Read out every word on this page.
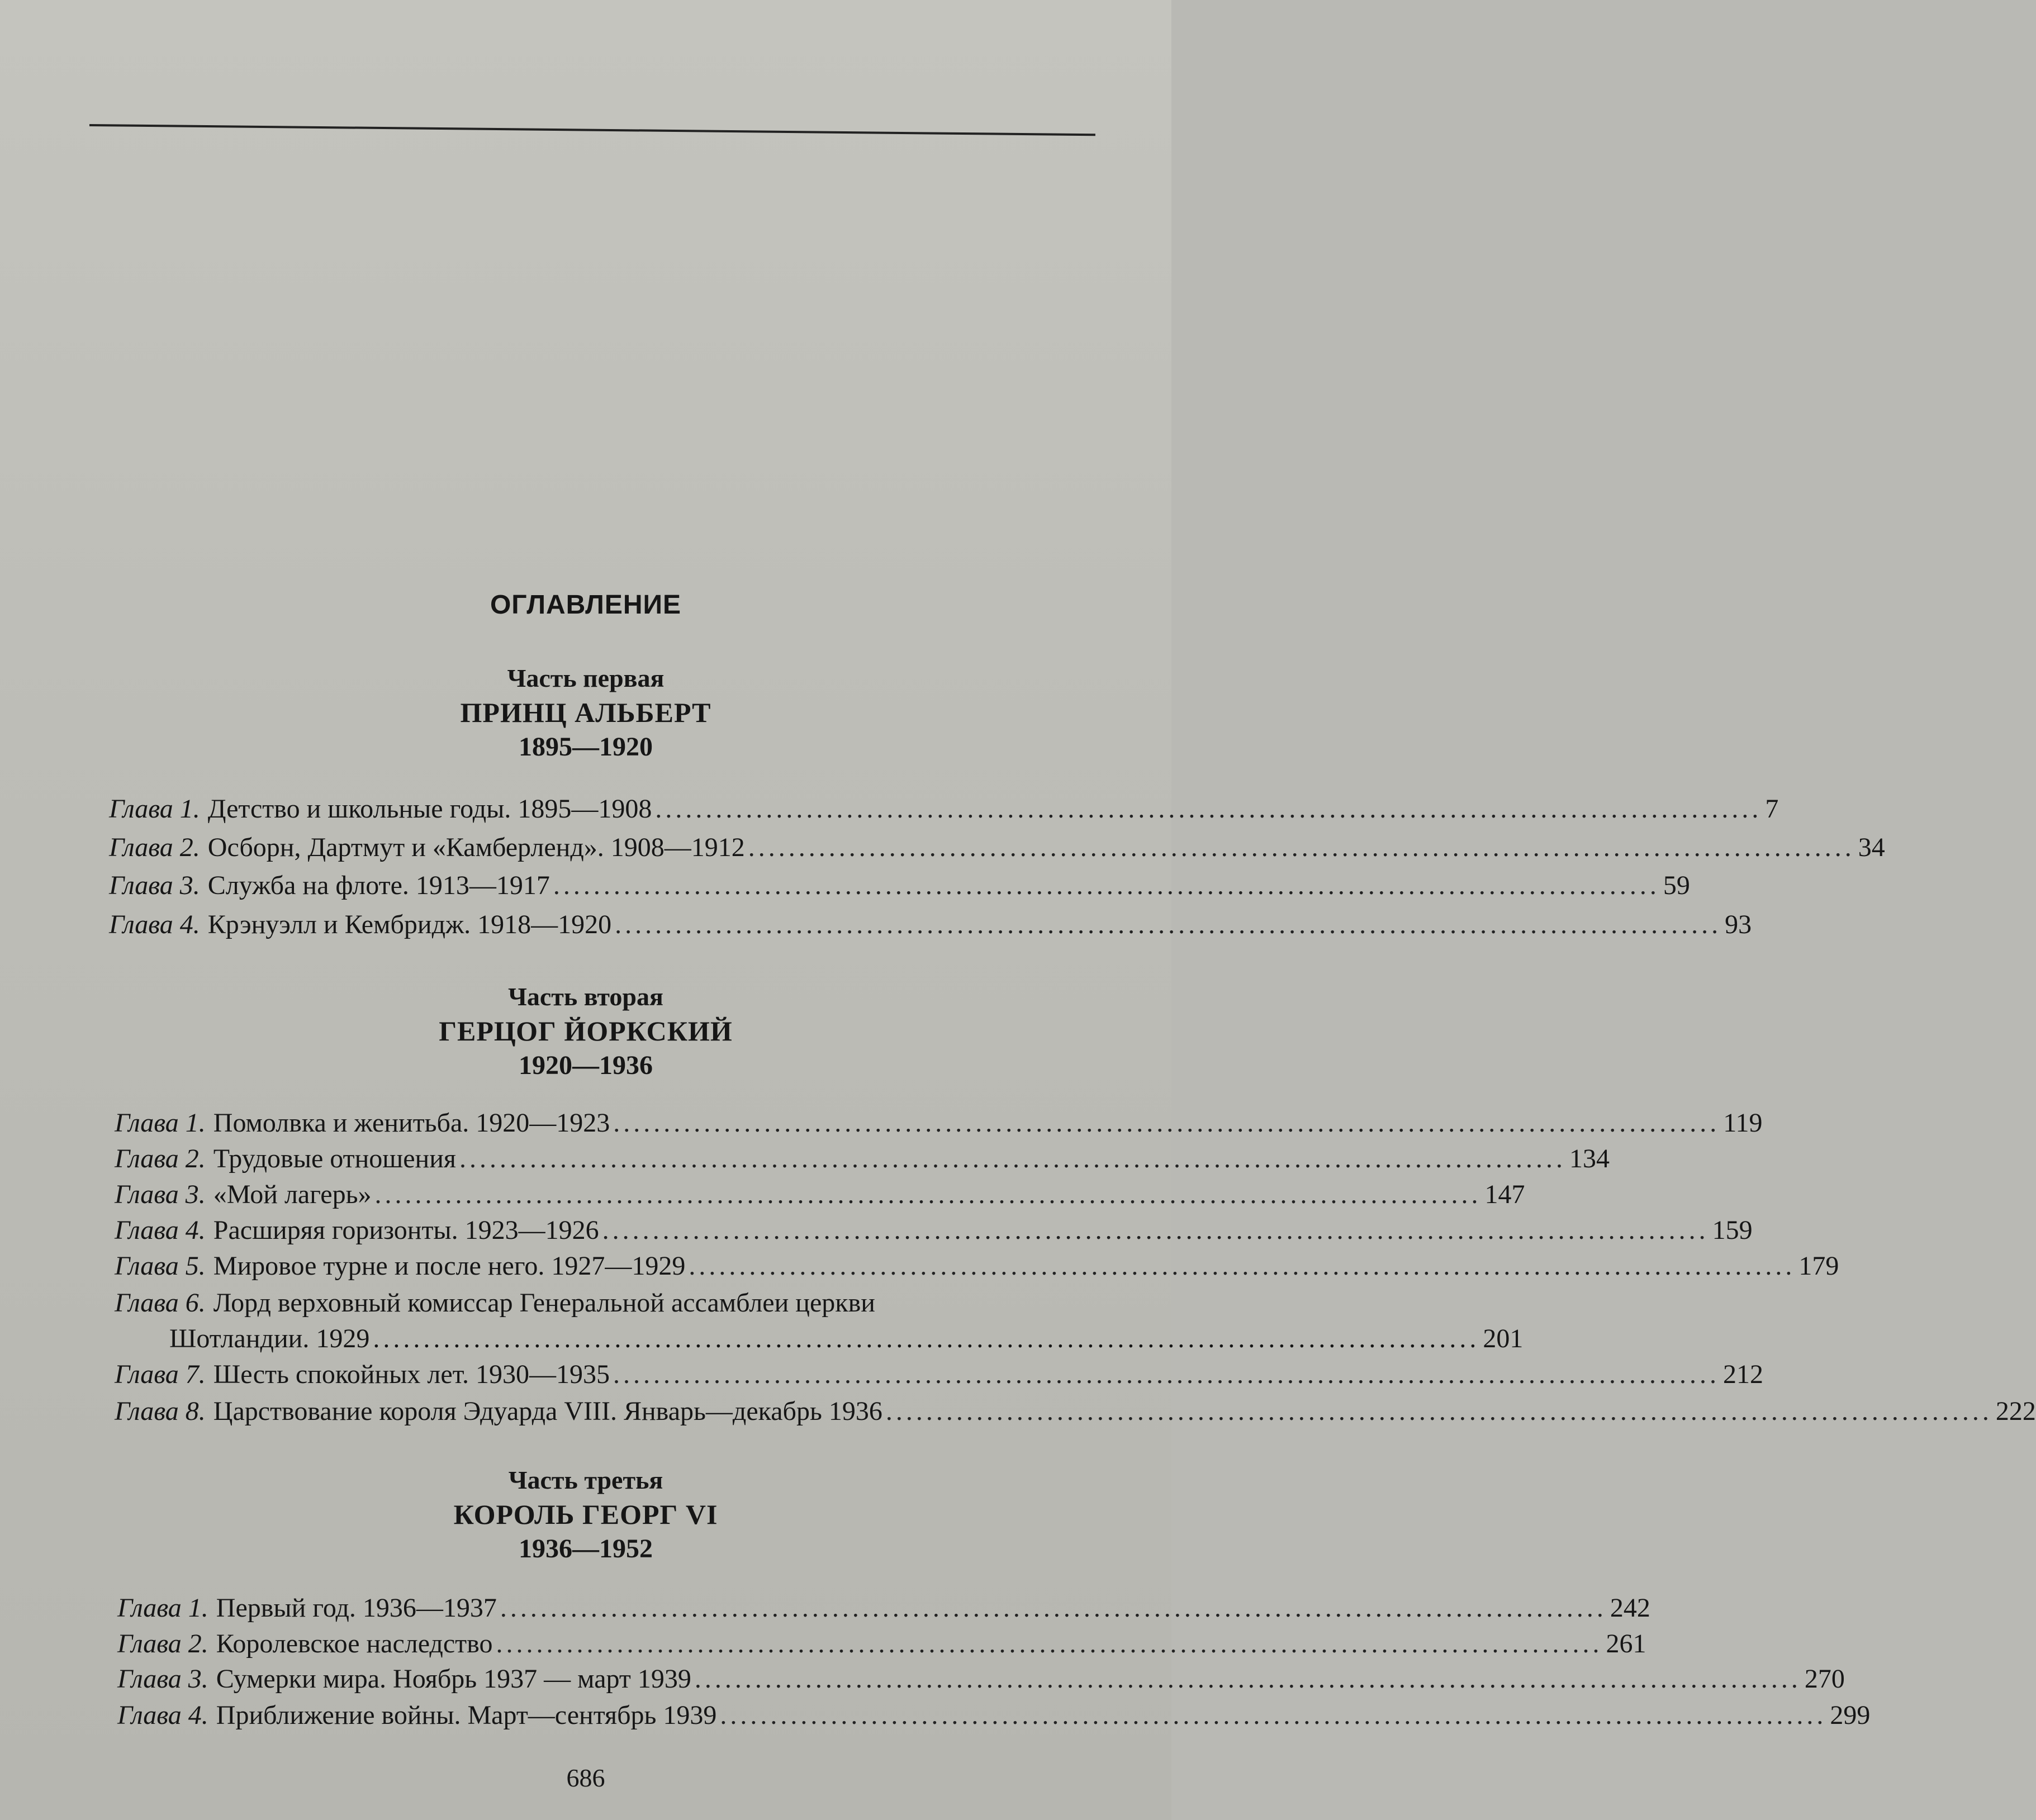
ОГЛАВЛЕНИЕ
Часть первая
ПРИНЦ АЛЬБЕРТ
1895—1920
Глава 1. Детство и школьные годы. 1895—1908 .............................................................................................................. 7
Глава 2. Осборн, Дартмут и «Камберленд». 1908—1912 .............................................................................................................. 34
Глава 3. Служба на флоте. 1913—1917 .............................................................................................................. 59
Глава 4. Крэнуэлл и Кембридж. 1918—1920 .............................................................................................................. 93
Часть вторая
ГЕРЦОГ ЙОРКСКИЙ
1920—1936
Глава 1. Помолвка и женитьба. 1920—1923 .............................................................................................................. 119
Глава 2. Трудовые отношения .............................................................................................................. 134
Глава 3. «Мой лагерь» .............................................................................................................. 147
Глава 4. Расширяя горизонты. 1923—1926 .............................................................................................................. 159
Глава 5. Мировое турне и после него. 1927—1929 .............................................................................................................. 179
Глава 6. Лорд верховный комиссар Генеральной ассамблеи церкви
Шотландии. 1929 .............................................................................................................. 201
Глава 7. Шесть спокойных лет. 1930—1935 .............................................................................................................. 212
Глава 8. Царствование короля Эдуарда VIII. Январь—декабрь 1936 .............................................................................................................. 222
Часть третья
КОРОЛЬ ГЕОРГ VI
1936—1952
Глава 1. Первый год. 1936—1937 .............................................................................................................. 242
Глава 2. Королевское наследство .............................................................................................................. 261
Глава 3. Сумерки мира. Ноябрь 1937 — март 1939 .............................................................................................................. 270
Глава 4. Приближение войны. Март—сентябрь 1939 .............................................................................................................. 299
686
